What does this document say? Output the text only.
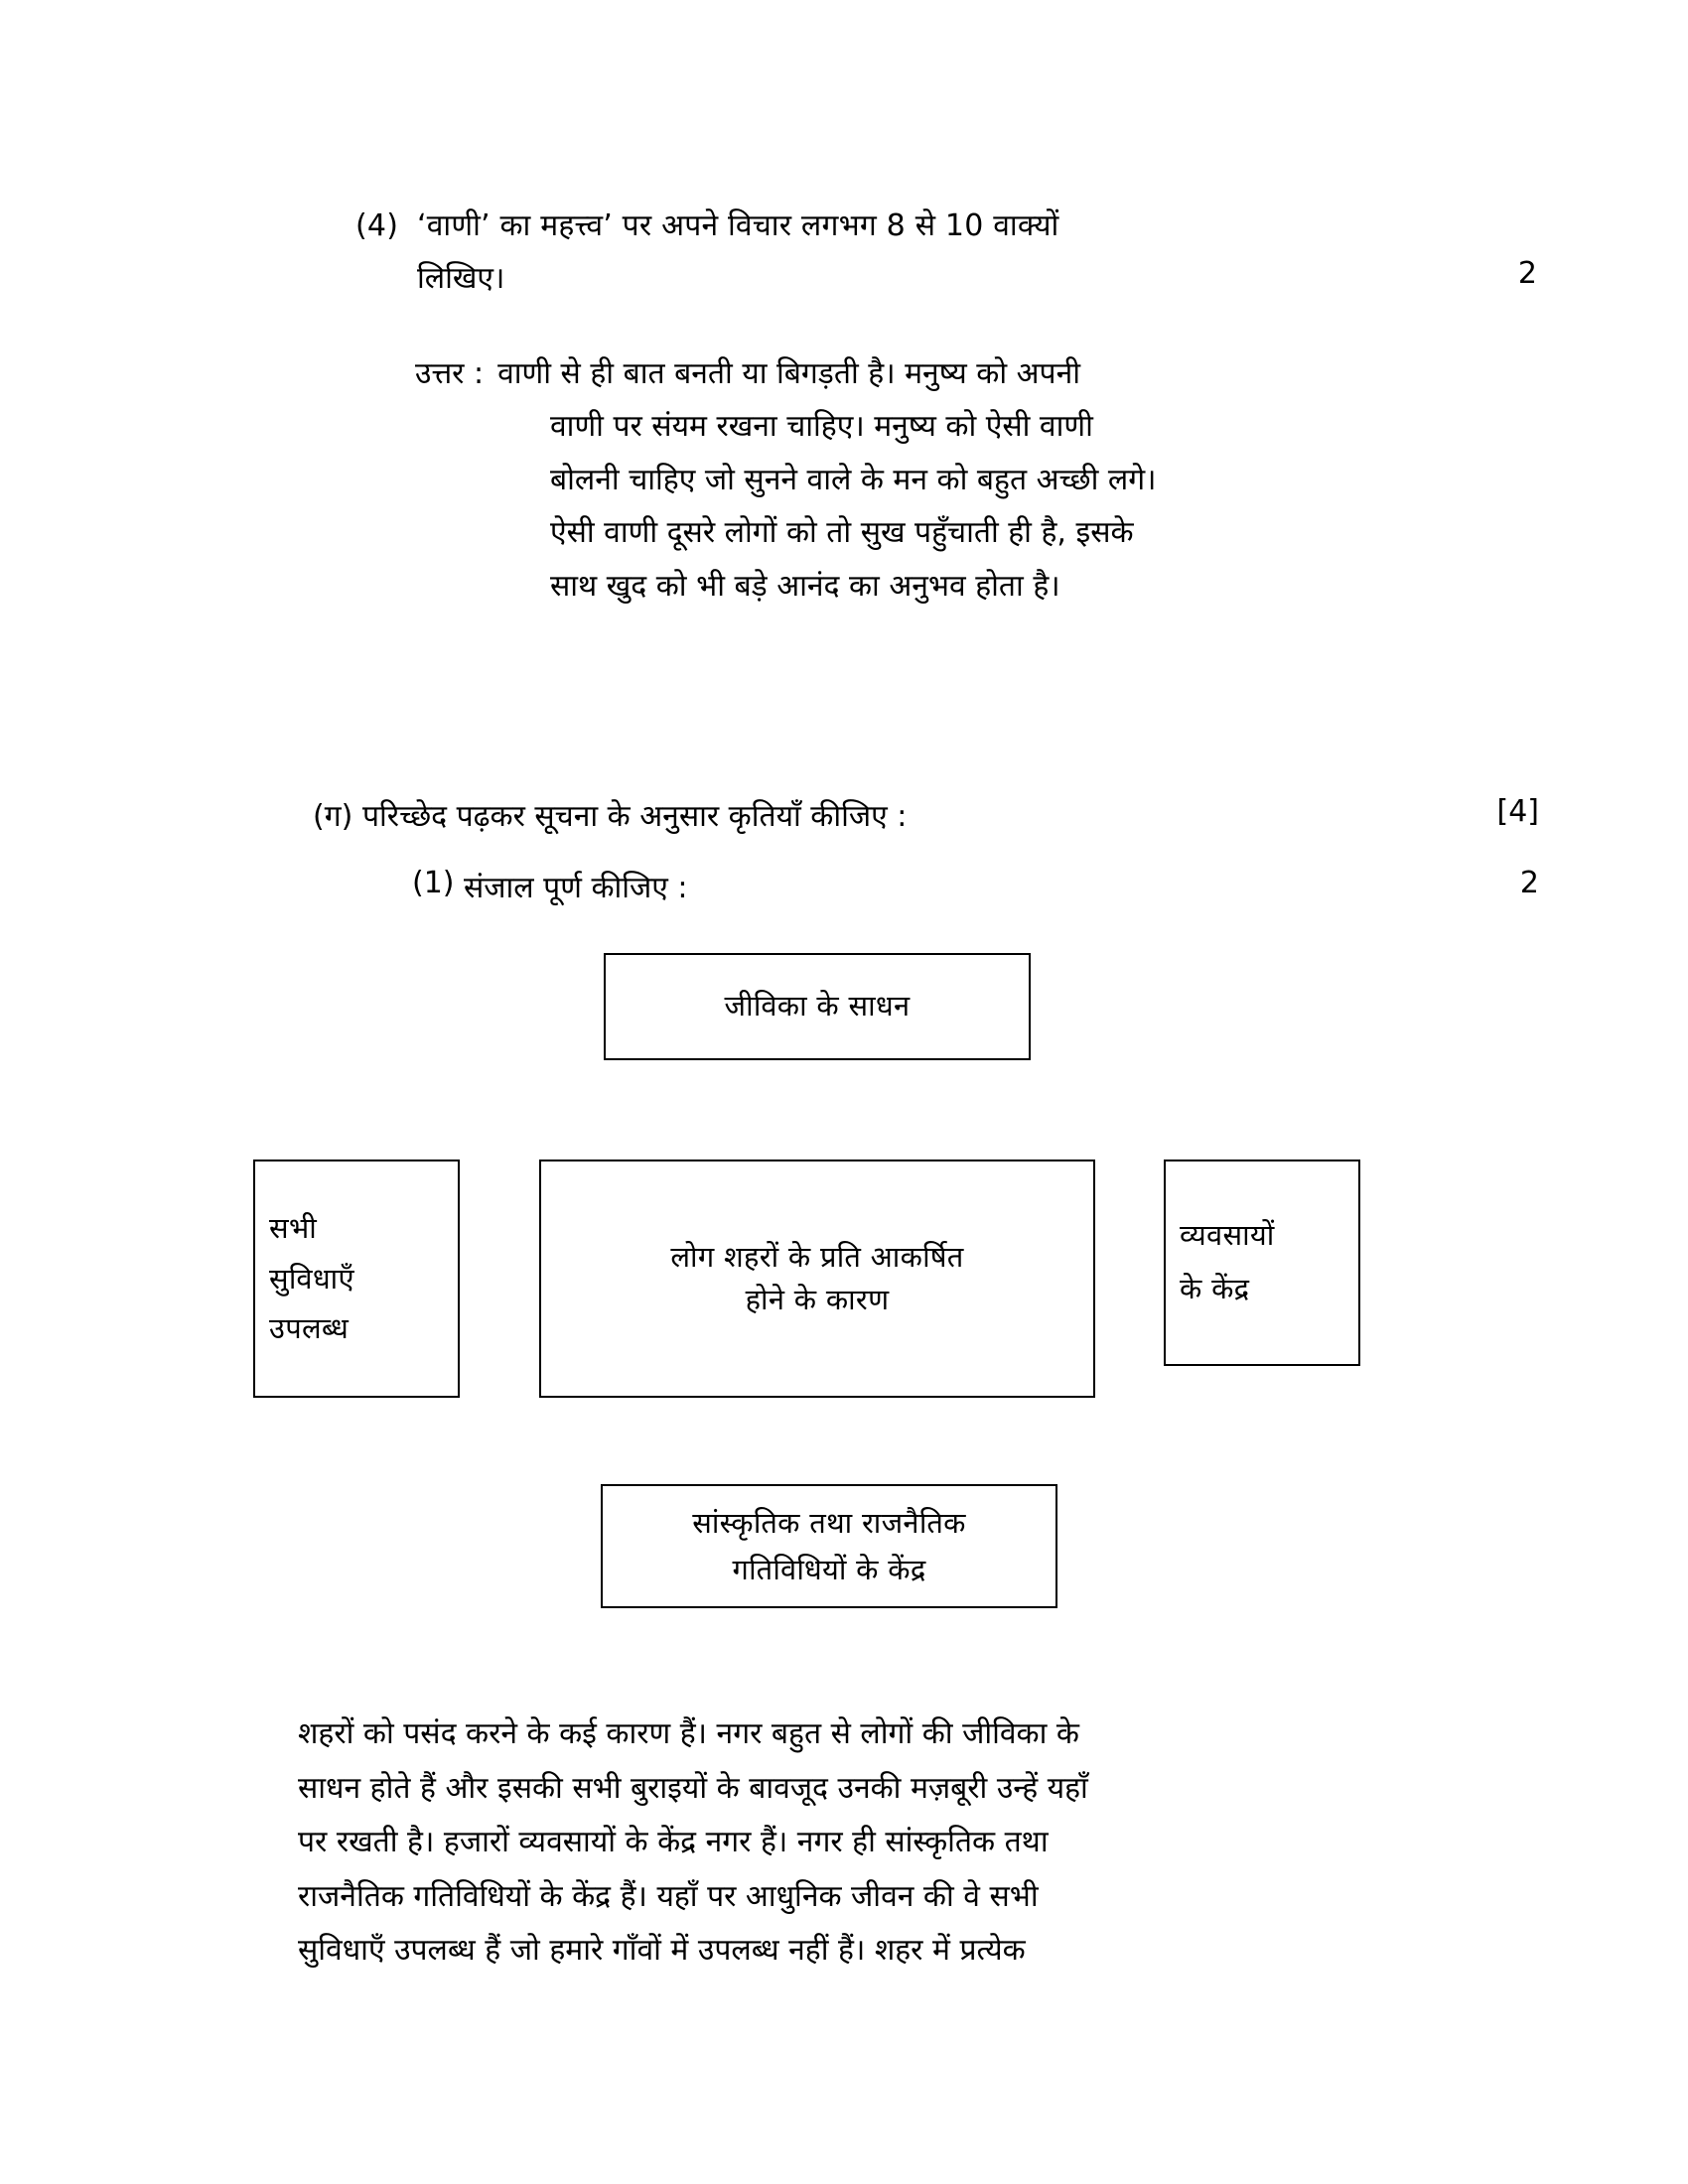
(4) ‘वाणी’ का महत्त्व’ पर अपने विचार लगभग 8 से 10 वाक्यों
लिखिए।	2
उत्तर : वाणी से ही बात बनती या बिगड़ती है। मनुष्य को अपनी
वाणी पर संयम रखना चाहिए। मनुष्य को ऐसी वाणी
बोलनी चाहिए जो सुनने वाले के मन को बहुत अच्छी लगे।
ऐसी वाणी दूसरे लोगों को तो सुख पहुँचाती ही है, इसके
साथ खुद को भी बड़े आनंद का अनुभव होता है।
(ग) परिच्छेद पढ़कर सूचना के अनुसार कृतियाँ कीजिए :	[4]
(1) संजाल पूर्ण कीजिए :	2
जीविका के साधन
सभी
सुविधाएँ
उपलब्ध
लोग शहरों के प्रति आकर्षित
होने के कारण
व्यवसायों
के केंद्र
सांस्कृतिक तथा राजनैतिक
गतिविधियों के केंद्र

शहरों को पसंद करने के कई कारण हैं। नगर बहुत से लोगों की जीविका के

साधन होते हैं और इसकी सभी बुराइयों के बावजूद उनकी मज़बूरी उन्हें यहाँ

पर रखती है। हजारों व्यवसायों के केंद्र नगर हैं। नगर ही सांस्कृतिक तथा

राजनैतिक गतिविधियों के केंद्र हैं। यहाँ पर आधुनिक जीवन की वे सभी

सुविधाएँ उपलब्ध हैं जो हमारे गाँवों में उपलब्ध नहीं हैं। शहर में प्रत्येक
